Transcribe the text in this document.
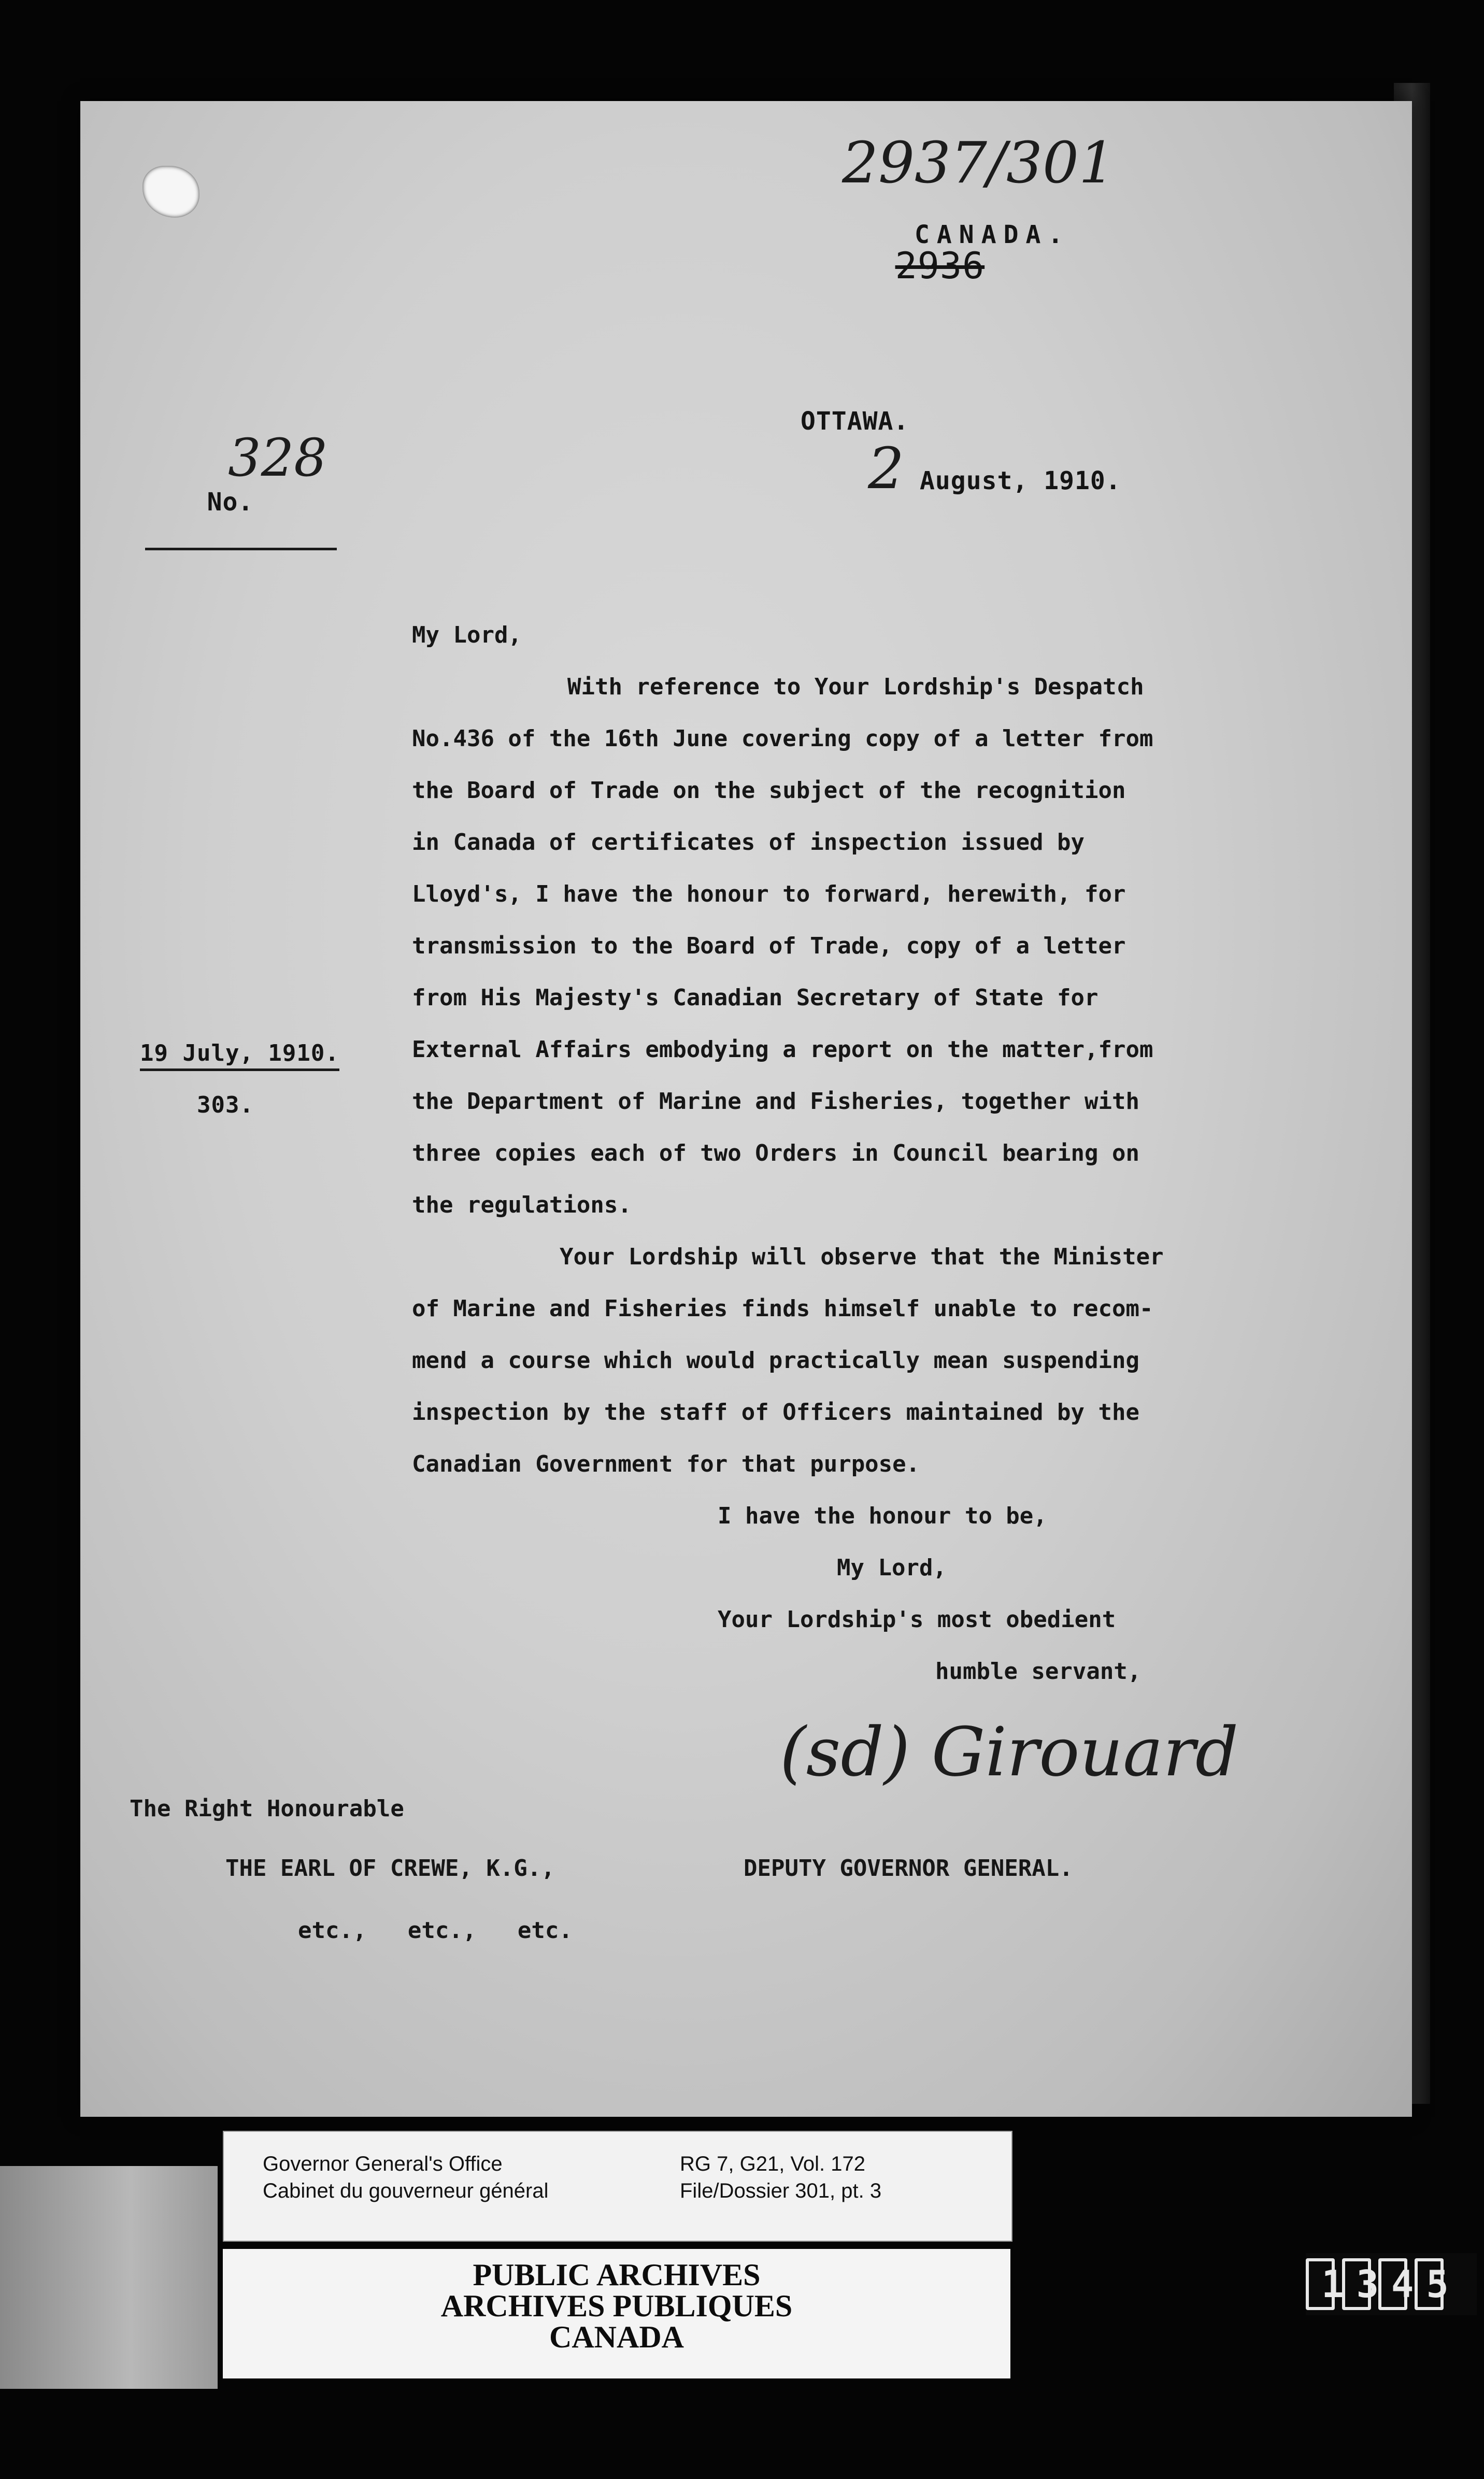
2937/301

2936

CANADA.
OTTAWA.
2 August, 1910.

No.

328
My Lord,
With reference to Your Lordship's Despatch
No.436 of the 16th June covering copy of a letter from
the Board of Trade on the subject of the recognition
in Canada of certificates of inspection issued by
Lloyd's, I have the honour to forward, herewith, for
transmission to the Board of Trade, copy of a letter
from His Majesty's Canadian Secretary of State for
External Affairs embodying a report on the matter,from
the Department of Marine and Fisheries, together with
three copies each of two Orders in Council bearing on
the regulations.
Your Lordship will observe that the Minister
of Marine and Fisheries finds himself unable to recom-
mend a course which would practically mean suspending
inspection by the staff of Officers maintained by the
Canadian Government for that purpose.
19 July, 1910.
303.
I have the honour to be,
My Lord,
Your Lordship's most obedient
humble servant,
(sd) Girouard
DEPUTY GOVERNOR GENERAL.
The Right Honourable
THE EARL OF CREWE, K.G.,
etc.,   etc.,   etc.
Governor General's Office
Cabinet du gouverneur général
RG 7, G21, Vol. 172
File/Dossier 301, pt. 3
PUBLIC ARCHIVES
ARCHIVES PUBLIQUES
CANADA
1345
